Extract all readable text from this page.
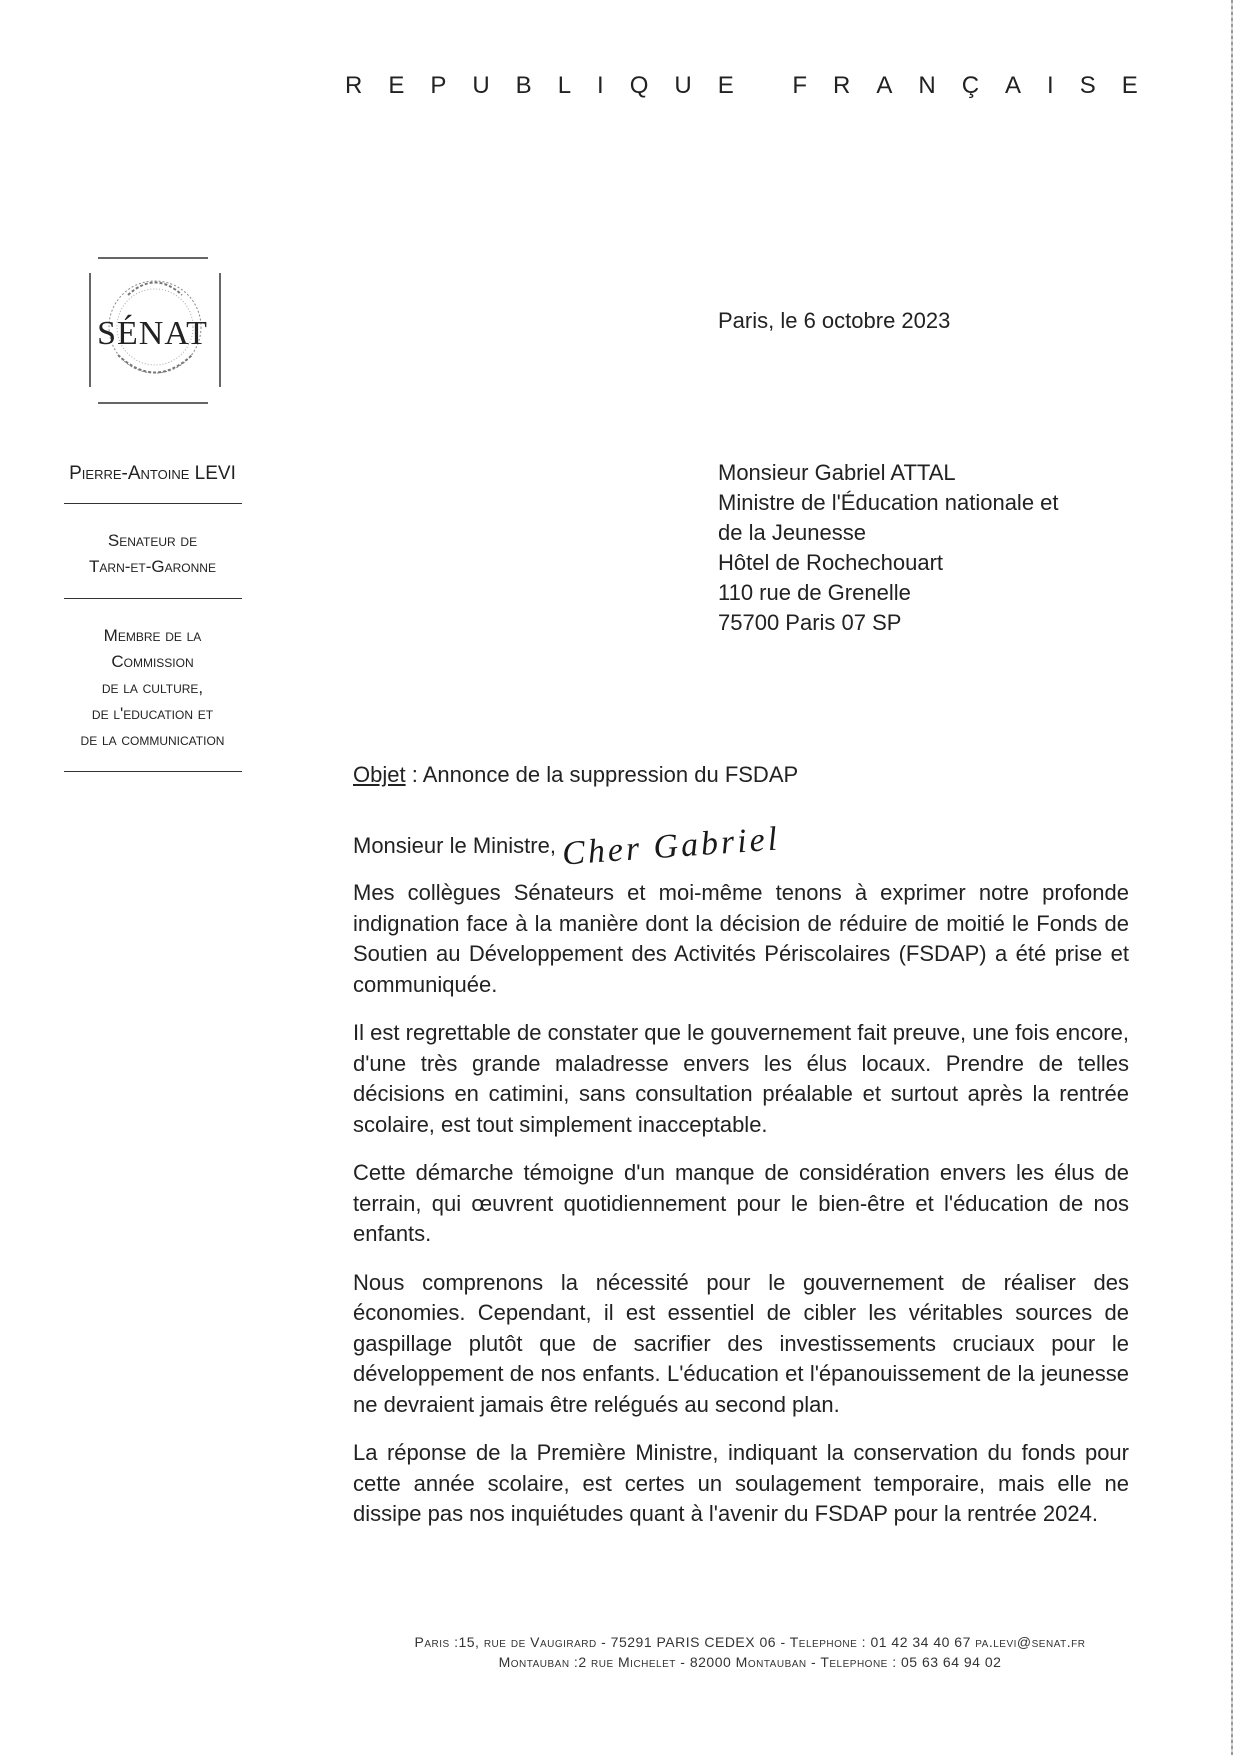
REPUBLIQUE FRANÇAISE
SÉNAT
Pierre-Antoine LEVI
Senateur de
Tarn-et-Garonne
Membre de la
Commission
de la culture,
de l'education et
de la communication
Paris, le 6 octobre 2023
Monsieur Gabriel ATTAL
Ministre de l'Éducation nationale et
de la Jeunesse
Hôtel de Rochechouart
110 rue de Grenelle
75700 Paris 07 SP
Objet : Annonce de la suppression du FSDAP
Monsieur le Ministre, Cher Gabriel

Mes collègues Sénateurs et moi-même tenons à exprimer notre profonde indignation face à la manière dont la décision de réduire de moitié le Fonds de Soutien au Développement des Activités Périscolaires (FSDAP) a été prise et communiquée.

Il est regrettable de constater que le gouvernement fait preuve, une fois encore, d'une très grande maladresse envers les élus locaux. Prendre de telles décisions en catimini, sans consultation préalable et surtout après la rentrée scolaire, est tout simplement inacceptable.

Cette démarche témoigne d'un manque de considération envers les élus de terrain, qui œuvrent quotidiennement pour le bien-être et l'éducation de nos enfants.

Nous comprenons la nécessité pour le gouvernement de réaliser des économies. Cependant, il est essentiel de cibler les véritables sources de gaspillage plutôt que de sacrifier des investissements cruciaux pour le développement de nos enfants. L'éducation et l'épanouissement de la jeunesse ne devraient jamais être relégués au second plan.

La réponse de la Première Ministre, indiquant la conservation du fonds pour cette année scolaire, est certes un soulagement temporaire, mais elle ne dissipe pas nos inquiétudes quant à l'avenir du FSDAP pour la rentrée 2024.

Paris :15, rue de Vaugirard - 75291 PARIS CEDEX 06 - Telephone : 01 42 34 40 67 pa.levi@senat.fr
Montauban :2 rue Michelet - 82000 Montauban - Telephone : 05 63 64 94 02
